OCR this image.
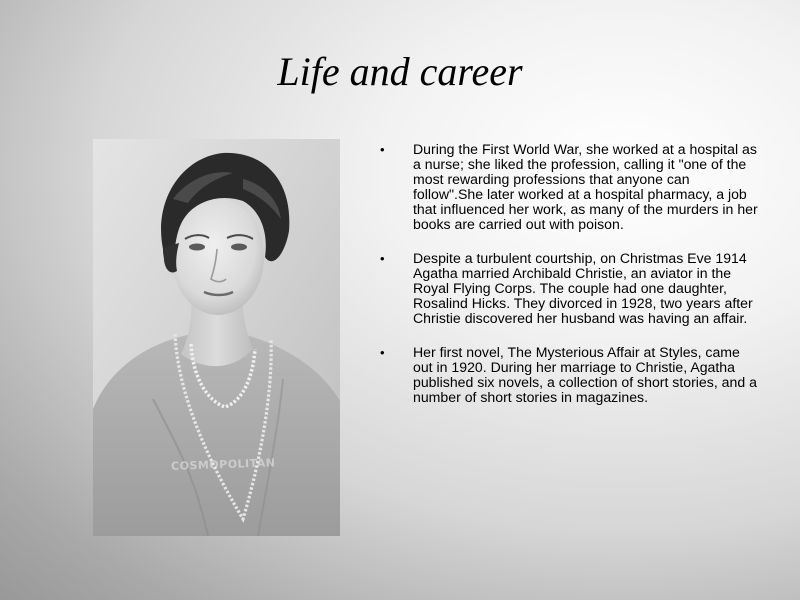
Life and career
COSMOPOLITAN
• During the First World War, she worked at a hospital as a nurse; she liked the profession, calling it "one of the most rewarding professions that anyone can follow".She later worked at a hospital pharmacy, a job that influenced her work, as many of the murders in her books are carried out with poison.
• Despite a turbulent courtship, on Christmas Eve 1914 Agatha married Archibald Christie, an aviator in the Royal Flying Corps. The couple had one daughter, Rosalind Hicks. They divorced in 1928, two years after Christie discovered her husband was having an affair.
• Her first novel, The Mysterious Affair at Styles, came out in 1920. During her marriage to Christie, Agatha published six novels, a collection of short stories, and a number of short stories in magazines.
